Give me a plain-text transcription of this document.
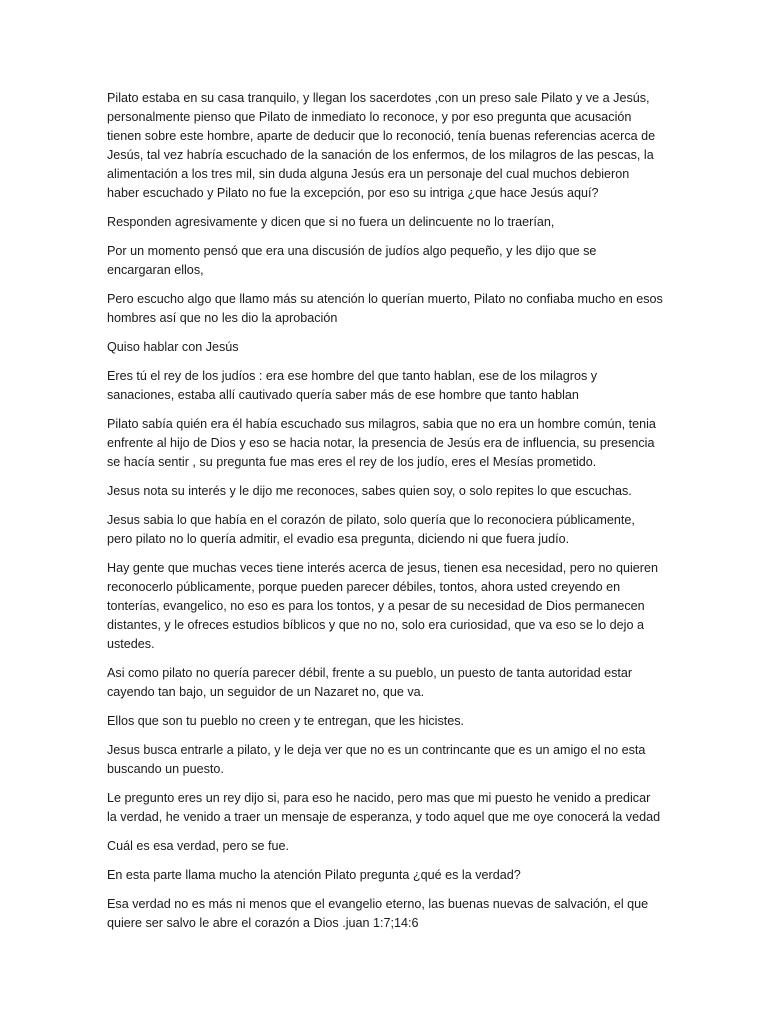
Pilato estaba en su casa tranquilo, y llegan los sacerdotes ,con un preso sale Pilato y ve a Jesús, personalmente pienso que Pilato de inmediato lo reconoce, y por eso pregunta que acusación tienen sobre este hombre, aparte de deducir que lo reconoció, tenía buenas referencias acerca de Jesús, tal vez habría escuchado de la sanación de los enfermos, de los milagros de las pescas, la alimentación a los tres mil, sin duda alguna Jesús era un personaje del cual muchos debieron haber escuchado y Pilato no fue la excepción, por eso su intriga ¿que hace Jesús aquí?

Responden agresivamente y dicen que si no fuera un delincuente no lo traerían,

Por un momento pensó que era una discusión de judíos algo pequeño, y les dijo que se encargaran ellos,

Pero escucho algo que llamo más su atención lo querían muerto, Pilato no confiaba mucho en esos hombres así que no les dio la aprobación

Quiso hablar con Jesús

Eres tú el rey de los judíos : era ese hombre del que tanto hablan, ese de los milagros y sanaciones, estaba allí cautivado quería saber más de ese hombre que tanto hablan

Pilato sabía quién era él había escuchado sus milagros, sabia que no era un hombre común, tenia enfrente al hijo de Dios y eso se hacia notar, la presencia de Jesús era de influencia, su presencia se hacía sentir , su pregunta fue mas eres el rey de los judío, eres el Mesías prometido.

Jesus nota su interés y le dijo me reconoces, sabes quien soy, o solo repites lo que escuchas.

Jesus sabia lo que había en el corazón de pilato, solo quería que lo reconociera públicamente, pero pilato no lo quería admitir, el evadio esa pregunta, diciendo ni que fuera judío.

Hay gente que muchas veces tiene interés acerca de jesus, tienen esa necesidad, pero no quieren reconocerlo públicamente, porque pueden parecer débiles, tontos, ahora usted creyendo en tonterías, evangelico, no eso es para los tontos, y a pesar de su necesidad de Dios permanecen distantes, y le ofreces estudios bíblicos y que no no, solo era curiosidad, que va eso se lo dejo a ustedes.

Asi como pilato no quería parecer débil, frente a su pueblo, un puesto de tanta autoridad estar cayendo tan bajo, un seguidor de un Nazaret no, que va.

Ellos que son tu pueblo no creen y te entregan, que les hicistes.

Jesus busca entrarle a pilato, y le deja ver que no es un contrincante que es un amigo el no esta buscando un puesto.

Le pregunto eres un rey dijo si, para eso he nacido, pero mas que mi puesto he venido a predicar la verdad, he venido a traer un mensaje de esperanza, y todo aquel que me oye conocerá la vedad

Cuál es esa verdad, pero se fue.

En esta parte llama mucho la atención Pilato pregunta ¿qué es la verdad?

Esa verdad no es más ni menos que el evangelio eterno, las buenas nuevas de salvación, el que quiere ser salvo le abre el corazón a Dios .juan 1:7;14:6
